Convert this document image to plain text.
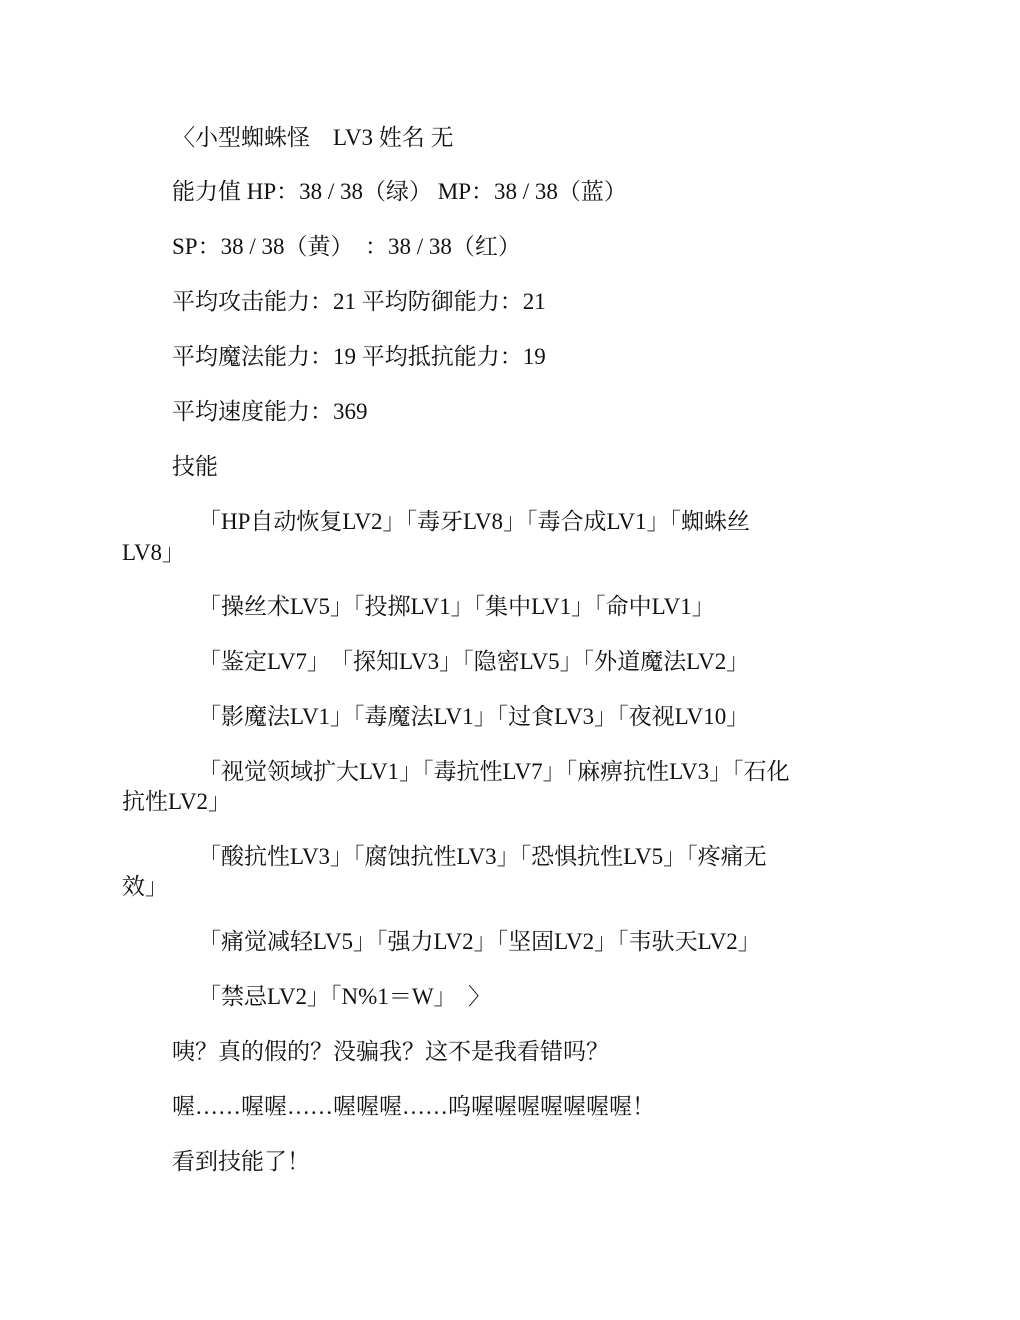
〈小型蜘蛛怪　LV3 姓名 无
能力值 HP：38 / 38（绿） MP：38 / 38（蓝）
SP：38 / 38（黄）　：38 / 38（红）
平均攻击能力：21 平均防御能力：21
平均魔法能力：19 平均抵抗能力：19
平均速度能力：369
技能
「HP自动恢复LV2」「毒牙LV8」「毒合成LV1」「蜘蛛丝
LV8」
「操丝术LV5」「投掷LV1」「集中LV1」「命中LV1」
「鉴定LV7」　「探知LV3」「隐密LV5」「外道魔法LV2」
「影魔法LV1」「毒魔法LV1」「过食LV3」「夜视LV10」
「视觉领域扩大LV1」「毒抗性LV7」「麻痹抗性LV3」「石化
抗性LV2」
「酸抗性LV3」「腐蚀抗性LV3」「恐惧抗性LV5」「疼痛无
效」
「痛觉减轻LV5」「强力LV2」「坚固LV2」「韦驮天LV2」
「禁忌LV2」「N%1＝W」　〉
咦？真的假的？没骗我？这不是我看错吗？
喔……喔喔……喔喔喔……呜喔喔喔喔喔喔喔！
看到技能了！
